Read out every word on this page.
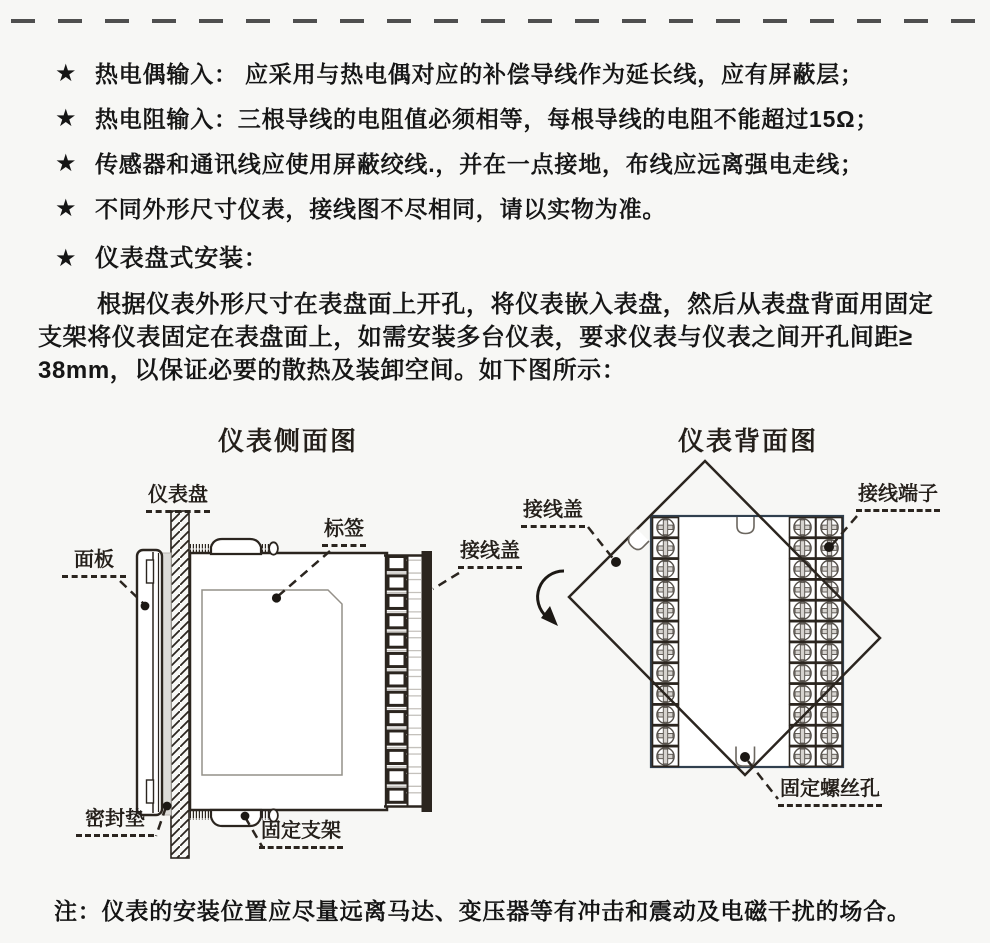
★ 热电偶输入： 应采用与热电偶对应的补偿导线作为延长线，应有屏蔽层；
★ 热电阻输入：三根导线的电阻值必须相等，每根导线的电阻不能超过15Ω；
★ 传感器和通讯线应使用屏蔽绞线.，并在一点接地，布线应远离强电走线；
★ 不同外形尺寸仪表，接线图不尽相同，请以实物为准。
★ 仪表盘式安装：
根据仪表外形尺寸在表盘面上开孔，将仪表嵌入表盘，然后从表盘背面用固定
支架将仪表固定在表盘面上，如需安装多台仪表，要求仪表与仪表之间开孔间距≥
38mm，以保证必要的散热及装卸空间。如下图所示：
仪表侧面图	仪表背面图
仪表盘
面板
标签
接线盖
密封垫
固定支架
接线盖
接线端子
固定螺丝孔
注：仪表的安装位置应尽量远离马达、变压器等有冲击和震动及电磁干扰的场合。
